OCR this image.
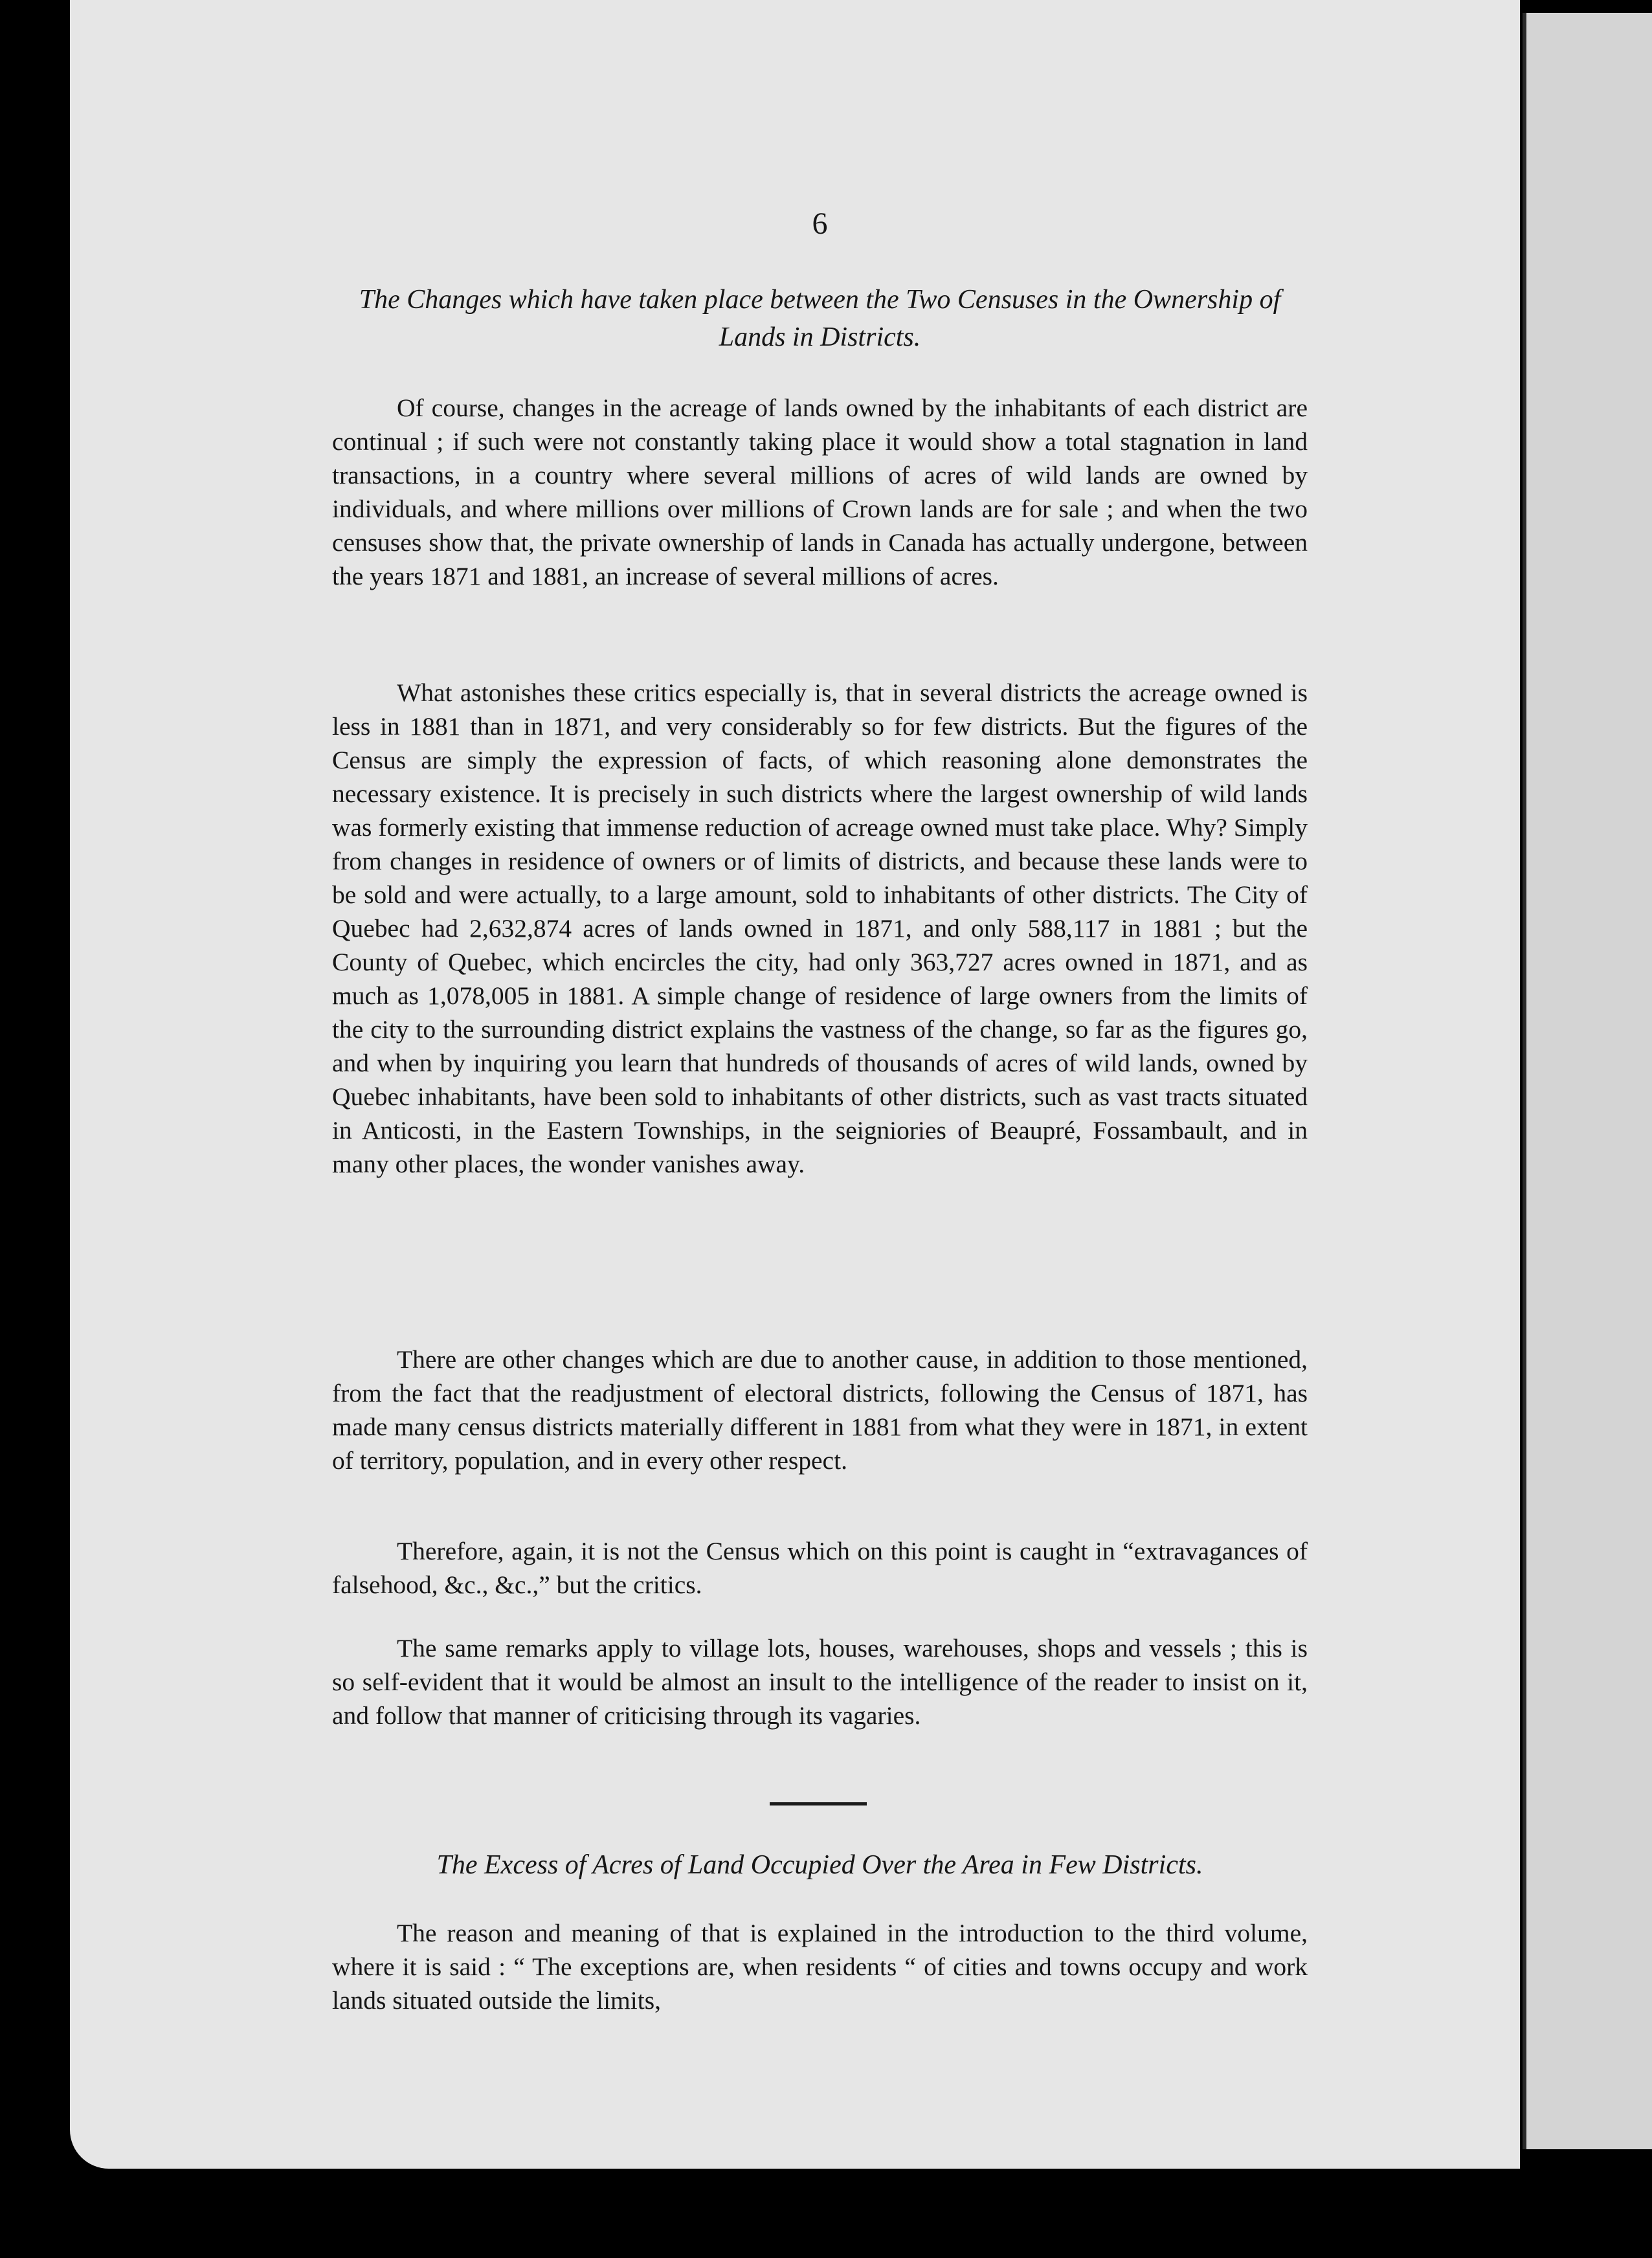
6

The Changes which have taken place between the Two Censuses in the Ownership of Lands in Districts.

Of course, changes in the acreage of lands owned by the inhabitants of each district are continual ; if such were not constantly taking place it would show a total stagnation in land transactions, in a country where several millions of acres of wild lands are owned by individuals, and where millions over millions of Crown lands are for sale ; and when the two censuses show that, the private ownership of lands in Canada has actually undergone, between the years 1871 and 1881, an increase of several millions of acres.

What astonishes these critics especially is, that in several districts the acreage owned is less in 1881 than in 1871, and very considerably so for few districts. But the figures of the Census are simply the expression of facts, of which reasoning alone demonstrates the necessary existence. It is precisely in such districts where the largest ownership of wild lands was formerly existing that immense reduction of acreage owned must take place. Why? Simply from changes in residence of owners or of limits of districts, and because these lands were to be sold and were actually, to a large amount, sold to inhabitants of other districts. The City of Quebec had 2,632,874 acres of lands owned in 1871, and only 588,117 in 1881 ; but the County of Quebec, which encircles the city, had only 363,727 acres owned in 1871, and as much as 1,078,005 in 1881. A simple change of residence of large owners from the limits of the city to the surrounding district explains the vastness of the change, so far as the figures go, and when by inquiring you learn that hundreds of thousands of acres of wild lands, owned by Quebec inhabitants, have been sold to inhabitants of other districts, such as vast tracts situated in Anticosti, in the Eastern Townships, in the seigniories of Beaupré, Fossambault, and in many other places, the wonder vanishes away.

There are other changes which are due to another cause, in addition to those mentioned, from the fact that the readjustment of electoral districts, following the Census of 1871, has made many census districts materially different in 1881 from what they were in 1871, in extent of territory, population, and in every other respect.

Therefore, again, it is not the Census which on this point is caught in “extravagances of falsehood, &c., &c.,” but the critics.

The same remarks apply to village lots, houses, warehouses, shops and vessels ; this is so self-evident that it would be almost an insult to the intelligence of the reader to insist on it, and follow that manner of criticising through its vagaries.

The Excess of Acres of Land Occupied Over the Area in Few Districts.

The reason and meaning of that is explained in the introduction to the third volume, where it is said : “ The exceptions are, when residents “ of cities and towns occupy and work lands situated outside the limits,
